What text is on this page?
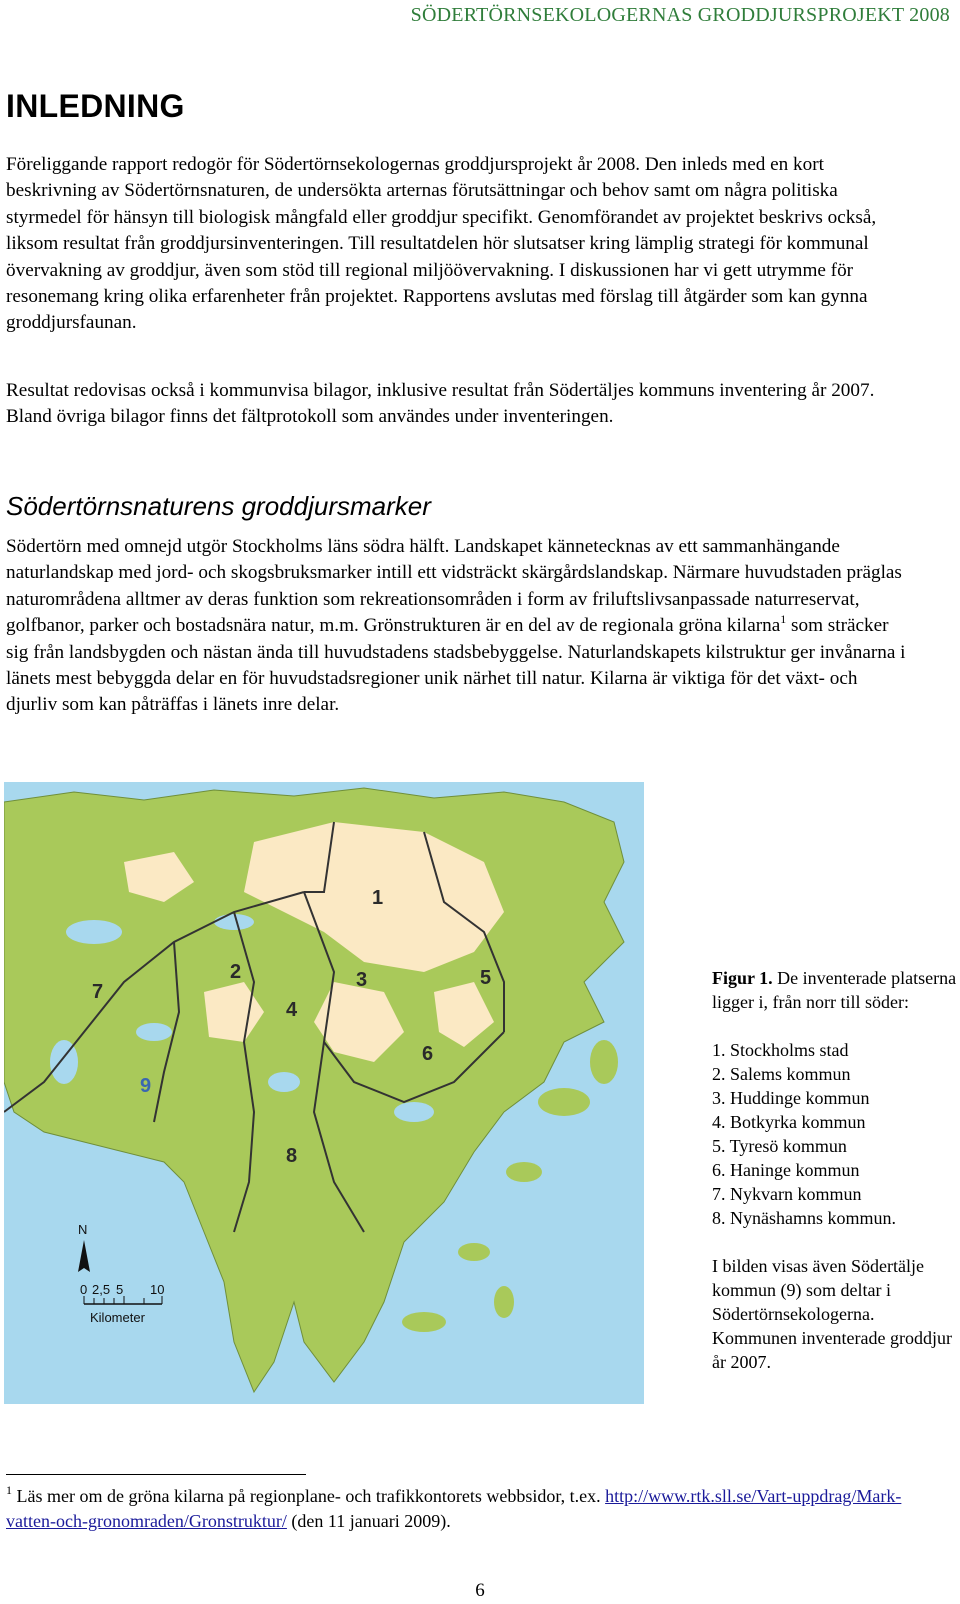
SÖDERTÖRNSEKOLOGERNAS GRODDJURSPROJEKT 2008
INLEDNING

Föreliggande rapport redogör för Södertörnsekologernas groddjursprojekt år 2008. Den inleds med en kort beskrivning av Södertörnsnaturen, de undersökta arternas förutsättningar och behov samt om några politiska styrmedel för hänsyn till biologisk mångfald eller groddjur specifikt. Genomförandet av projektet beskrivs också, liksom resultat från groddjursinventeringen. Till resultatdelen hör slutsatser kring lämplig strategi för kommunal övervakning av groddjur, även som stöd till regional miljöövervakning. I diskussionen har vi gett utrymme för resonemang kring olika erfarenheter från projektet. Rapportens avslutas med förslag till åtgärder som kan gynna groddjursfaunan.

Resultat redovisas också i kommunvisa bilagor, inklusive resultat från Södertäljes kommuns inventering år 2007. Bland övriga bilagor finns det fältprotokoll som användes under inventeringen.

Södertörnsnaturens groddjursmarker

Södertörn med omnejd utgör Stockholms läns södra hälft. Landskapet kännetecknas av ett sammanhängande naturlandskap med jord- och skogsbruksmarker intill ett vidsträckt skärgårdslandskap. Närmare huvudstaden präglas naturområdena alltmer av deras funktion som rekreationsområden i form av friluftslivsanpassade naturreservat, golfbanor, parker och bostadsnära natur, m.m. Grönstrukturen är en del av de regionala gröna kilarna$^1$ som sträcker sig från landsbygden och nästan ända till huvudstadens stadsbebyggelse. Naturlandskapets kilstruktur ger invånarna i länets mest bebyggda delar en för huvudstadsregioner unik närhet till natur. Kilarna är viktiga för det växt- och djurliv som kan påträffas i länets inre delar.

1
2	3
4
5
6
7
8
9
N
0 2,5 5 10
Kilometer

Figur 1. De inventerade platserna ligger i, från norr till söder:

1. Stockholms stad
2. Salems kommun
3. Huddinge kommun
4. Botkyrka kommun
5. Tyresö kommun
6. Haninge kommun
7. Nykvarn kommun
8. Nynäshamns kommun.

I bilden visas även Södertälje kommun (9) som deltar i Södertörnsekologerna. Kommunen inventerade groddjur år 2007.

$^1$ Läs mer om de gröna kilarna på regionplane- och trafikkontorets webbsidor, t.ex. http://www.rtk.sll.se/Vart-uppdrag/Mark-vatten-och-gronomraden/Gronstruktur/ (den 11 januari 2009).

6
